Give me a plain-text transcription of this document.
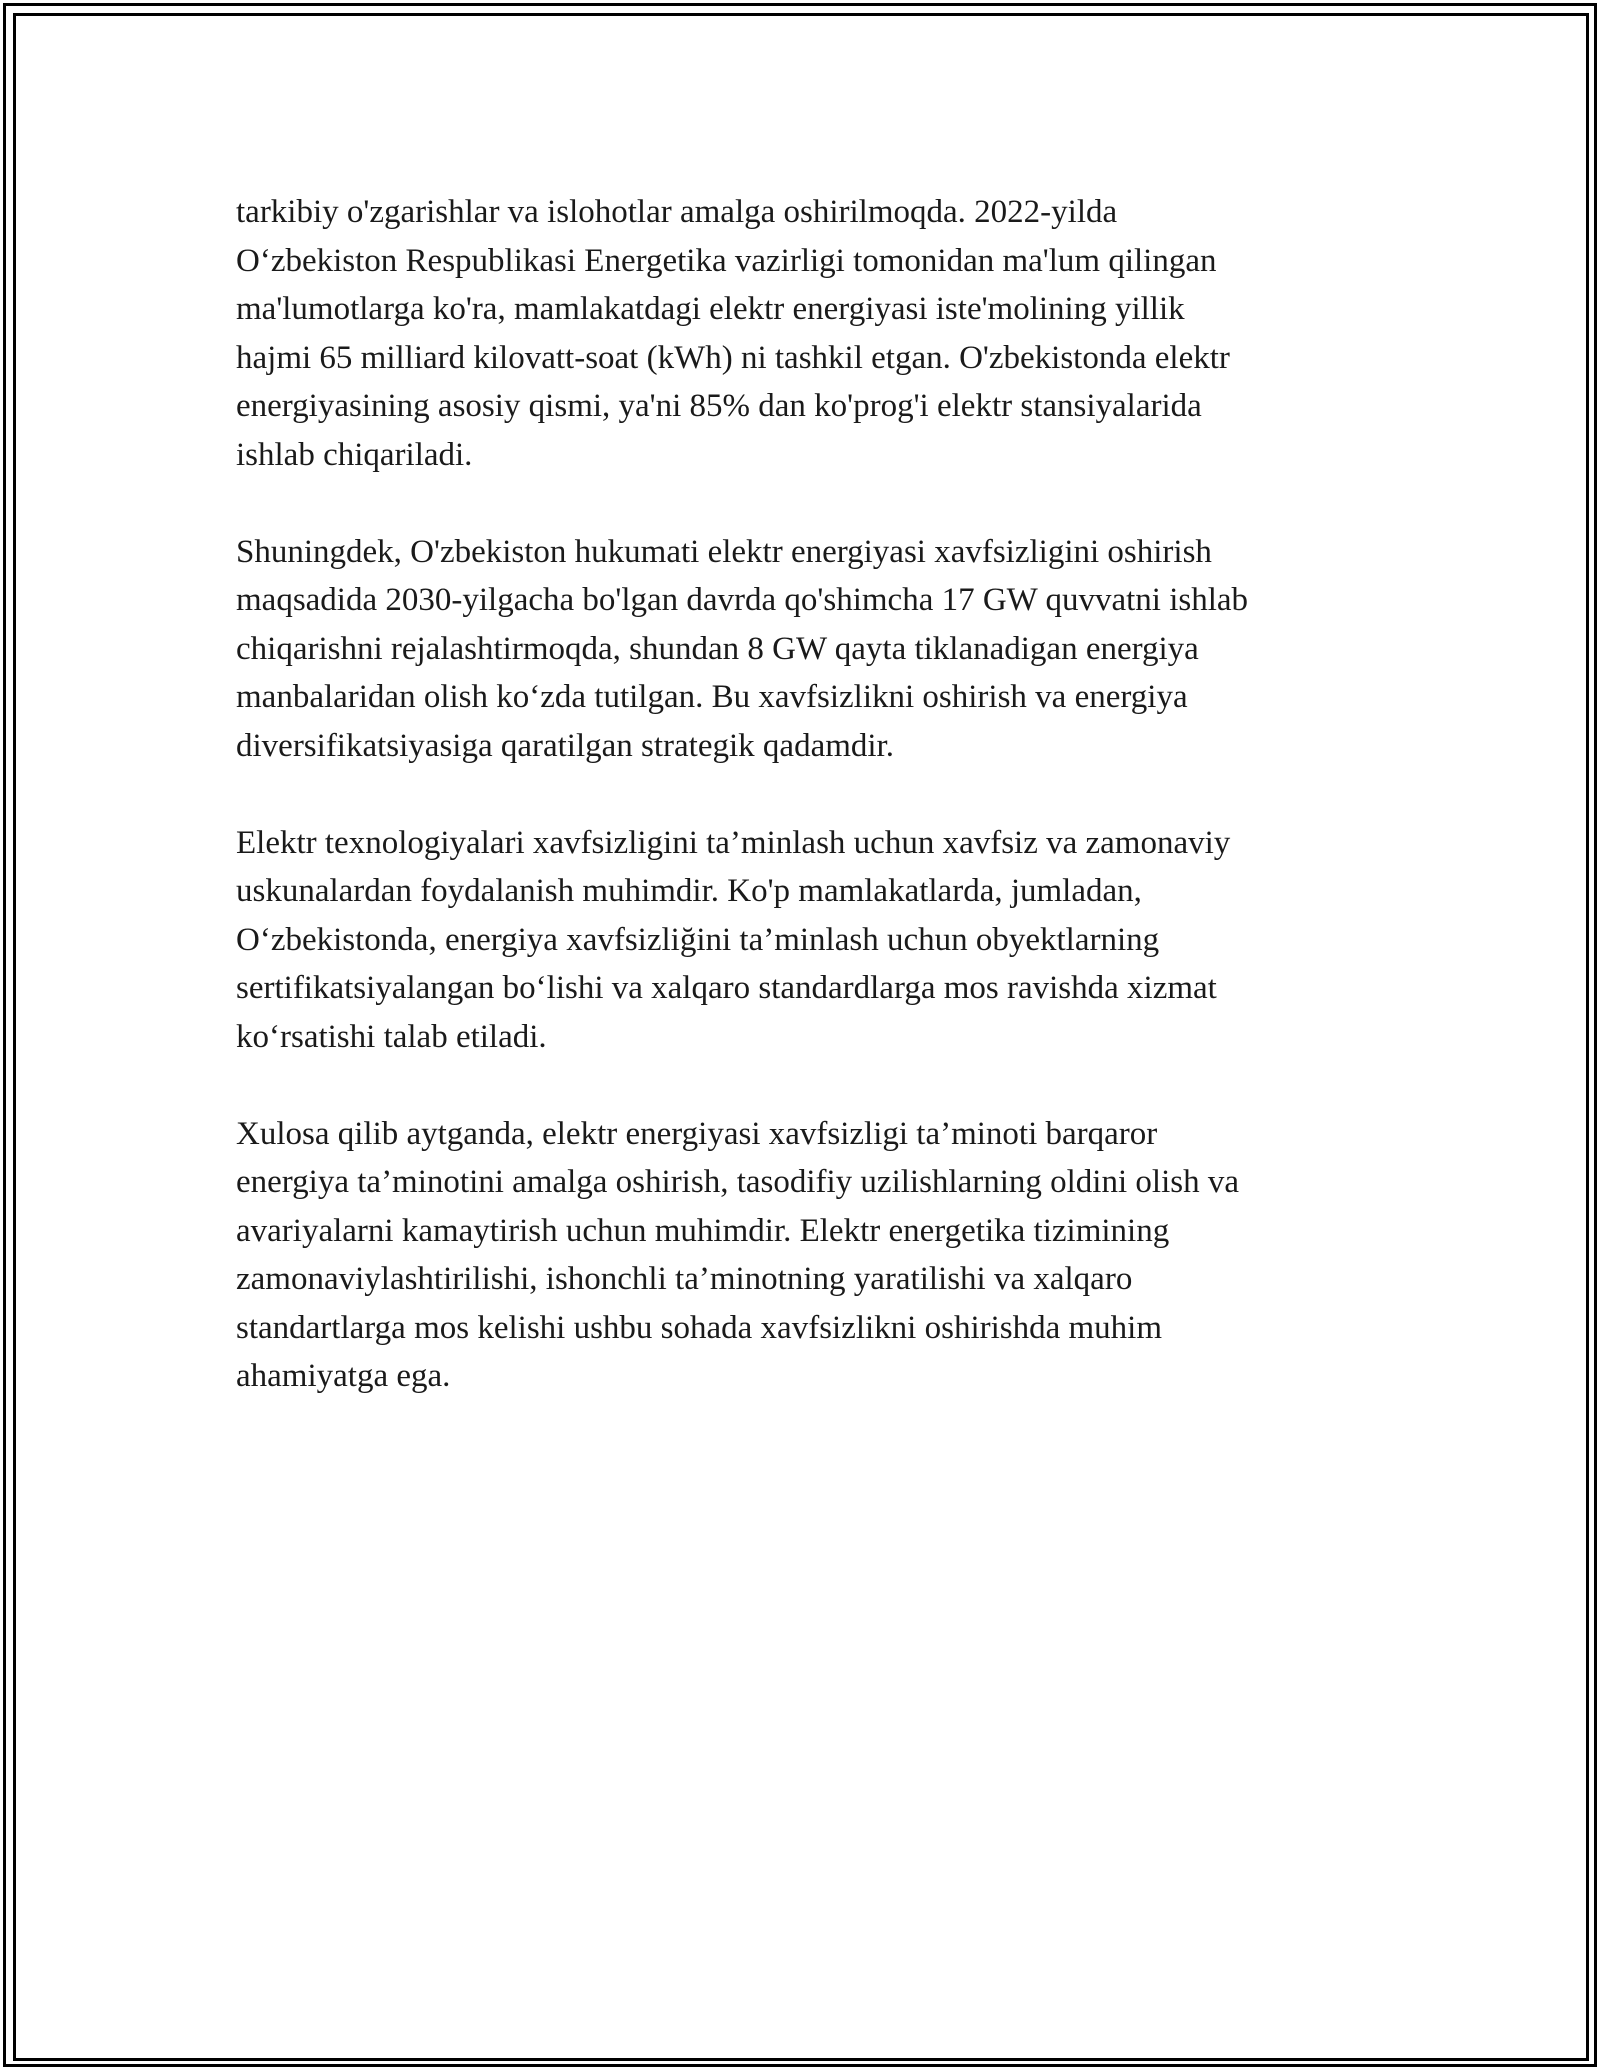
tarkibiy o'zgarishlar va islohotlar amalga oshirilmoqda. 2022-yilda
O‘zbekiston Respublikasi Energetika vazirligi tomonidan ma'lum qilingan
ma'lumotlarga ko'ra, mamlakatdagi elektr energiyasi iste'molining yillik
hajmi 65 milliard kilovatt-soat (kWh) ni tashkil etgan. O'zbekistonda elektr
energiyasining asosiy qismi, ya'ni 85% dan ko'prog'i elektr stansiyalarida
ishlab chiqariladi.

Shuningdek, O'zbekiston hukumati elektr energiyasi xavfsizligini oshirish
maqsadida 2030-yilgacha bo'lgan davrda qo'shimcha 17 GW quvvatni ishlab
chiqarishni rejalashtirmoqda, shundan 8 GW qayta tiklanadigan energiya
manbalaridan olish ko‘zda tutilgan. Bu xavfsizlikni oshirish va energiya
diversifikatsiyasiga qaratilgan strategik qadamdir.

Elektr texnologiyalari xavfsizligini ta’minlash uchun xavfsiz va zamonaviy
uskunalardan foydalanish muhimdir. Ko'p mamlakatlarda, jumladan,
O‘zbekistonda, energiya xavfsizliğini ta’minlash uchun obyektlarning
sertifikatsiyalangan bo‘lishi va xalqaro standardlarga mos ravishda xizmat
ko‘rsatishi talab etiladi.

Xulosa qilib aytganda, elektr energiyasi xavfsizligi ta’minoti barqaror
energiya ta’minotini amalga oshirish, tasodifiy uzilishlarning oldini olish va
avariyalarni kamaytirish uchun muhimdir. Elektr energetika tizimining
zamonaviylashtirilishi, ishonchli ta’minotning yaratilishi va xalqaro
standartlarga mos kelishi ushbu sohada xavfsizlikni oshirishda muhim
ahamiyatga ega.
